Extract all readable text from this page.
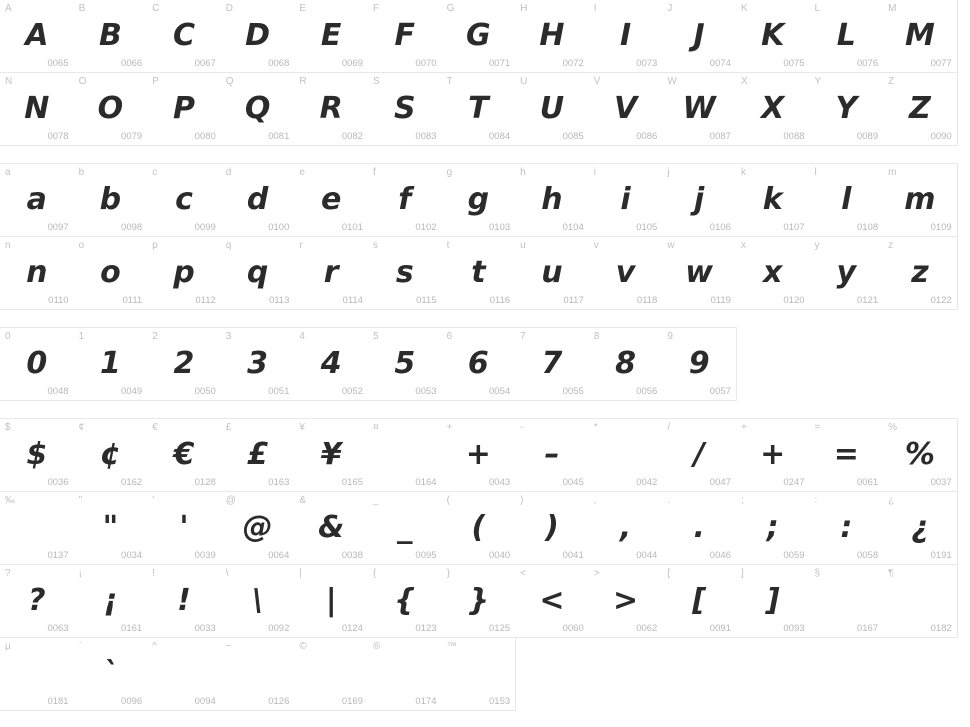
A
A
0065
B
B
0066
C
C
0067
D
D
0068
E
E
0069
F
F
0070
G
G
0071
H
H
0072
I
I
0073
J
J
0074
K
K
0075
L
L
0076
M
M
0077
N
N
0078
O
O
0079
P
P
0080
Q
Q
0081
R
R
0082
S
S
0083
T
T
0084
U
U
0085
V
V
0086
W
W
0087
X
X
0088
Y
Y
0089
Z
Z
0090
a
a
0097
b
b
0098
c
c
0099
d
d
0100
e
e
0101
f
f
0102
g
g
0103
h
h
0104
i
i
0105
j
j
0106
k
k
0107
l
l
0108
m
m
0109
n
n
0110
o
o
0111
p
p
0112
q
q
0113
r
r
0114
s
s
0115
t
t
0116
u
u
0117
v
v
0118
w
w
0119
x
x
0120
y
y
0121
z
z
0122
0
0
0048
1
1
0049
2
2
0050
3
3
0051
4
4
0052
5
5
0053
6
6
0054
7
7
0055
8
8
0056
9
9
0057
$
$
0036
¢
¢
0162
€
€
0128
£
£
0163
¥
¥
0165
¤
0164
+
+
0043
-
–
0045
*
0042
/
/
0047
+
+
0247
=
=
0061
%
%
0037
‰
0137
"
"
0034
'
'
0039
@
@
0064
&
&
0038
_
_
0095
(
(
0040
)
)
0041
,
,
0044
.
.
0046
;
;
0059
:
:
0058
¿
¿
0191
?
?
0063
¡
¡
0161
!
!
0033
\
\
0092
|
|
0124
{
{
0123
}
}
0125
<
<
0060
>
>
0062
[
[
0091
]
]
0093
§
0167
¶
0182
µ
0181
`
`
0096
^
0094
~
0126
©
0169
®
0174
™
0153
